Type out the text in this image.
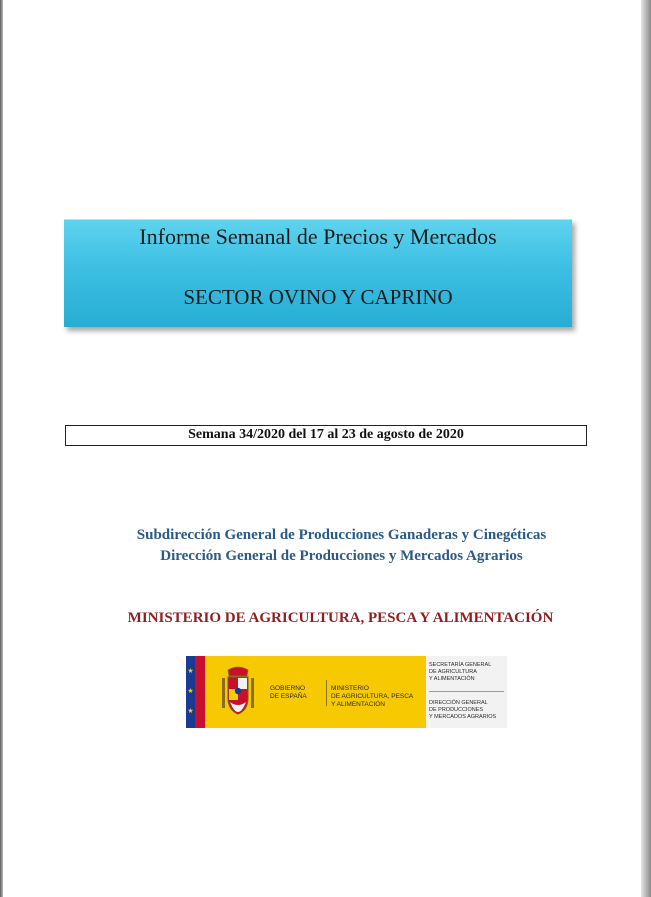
Informe Semanal de Precios y Mercados
SECTOR OVINO Y CAPRINO
Semana 34/2020 del 17 al 23 de agosto de 2020
Subdirección General de Producciones Ganaderas y Cinegéticas
Dirección General de Producciones y Mercados Agrarios
MINISTERIO DE AGRICULTURA, PESCA Y ALIMENTACIÓN
★
★
★
GOBIERNO
DE ESPAÑA
MINISTERIO
DE AGRICULTURA, PESCA
Y ALIMENTACIÓN
SECRETARÍA GENERAL
DE AGRICULTURA
Y ALIMENTACIÓN
DIRECCIÓN GENERAL
DE PRODUCCIONES
Y MERCADOS AGRARIOS
